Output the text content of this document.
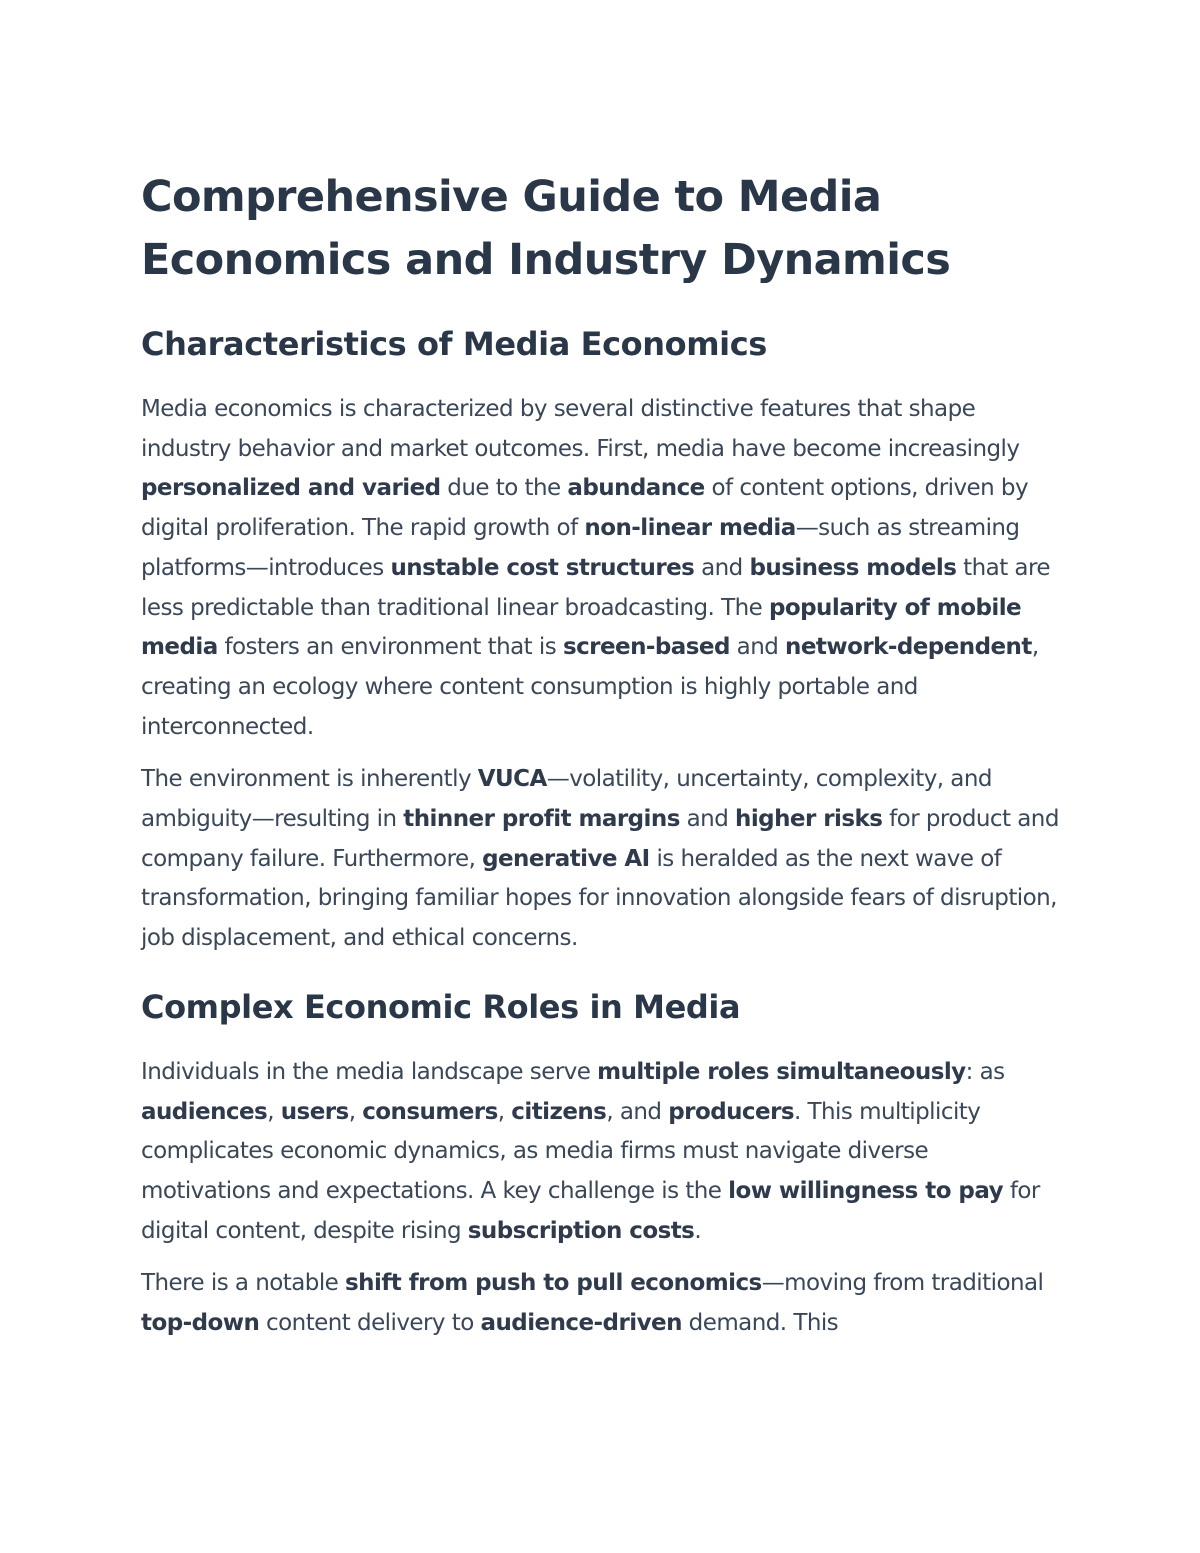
Comprehensive Guide to Media Economics and Industry Dynamics
Characteristics of Media Economics

Media economics is characterized by several distinctive features that shape industry behavior and market outcomes. First, media have become increasingly personalized and varied due to the abundance of content options, driven by digital proliferation. The rapid growth of non-linear media—such as streaming platforms—introduces unstable cost structures and business models that are less predictable than traditional linear broadcasting. The popularity of mobile media fosters an environment that is screen-based and network-dependent, creating an ecology where content consumption is highly portable and interconnected.

The environment is inherently VUCA—volatility, uncertainty, complexity, and ambiguity—resulting in thinner profit margins and higher risks for product and company failure. Furthermore, generative AI is heralded as the next wave of transformation, bringing familiar hopes for innovation alongside fears of disruption, job displacement, and ethical concerns.

Complex Economic Roles in Media

Individuals in the media landscape serve multiple roles simultaneously: as audiences, users, consumers, citizens, and producers. This multiplicity complicates economic dynamics, as media firms must navigate diverse motivations and expectations. A key challenge is the low willingness to pay for digital content, despite rising subscription costs.

There is a notable shift from push to pull economics—moving from traditional top-down content delivery to audience-driven demand. This
